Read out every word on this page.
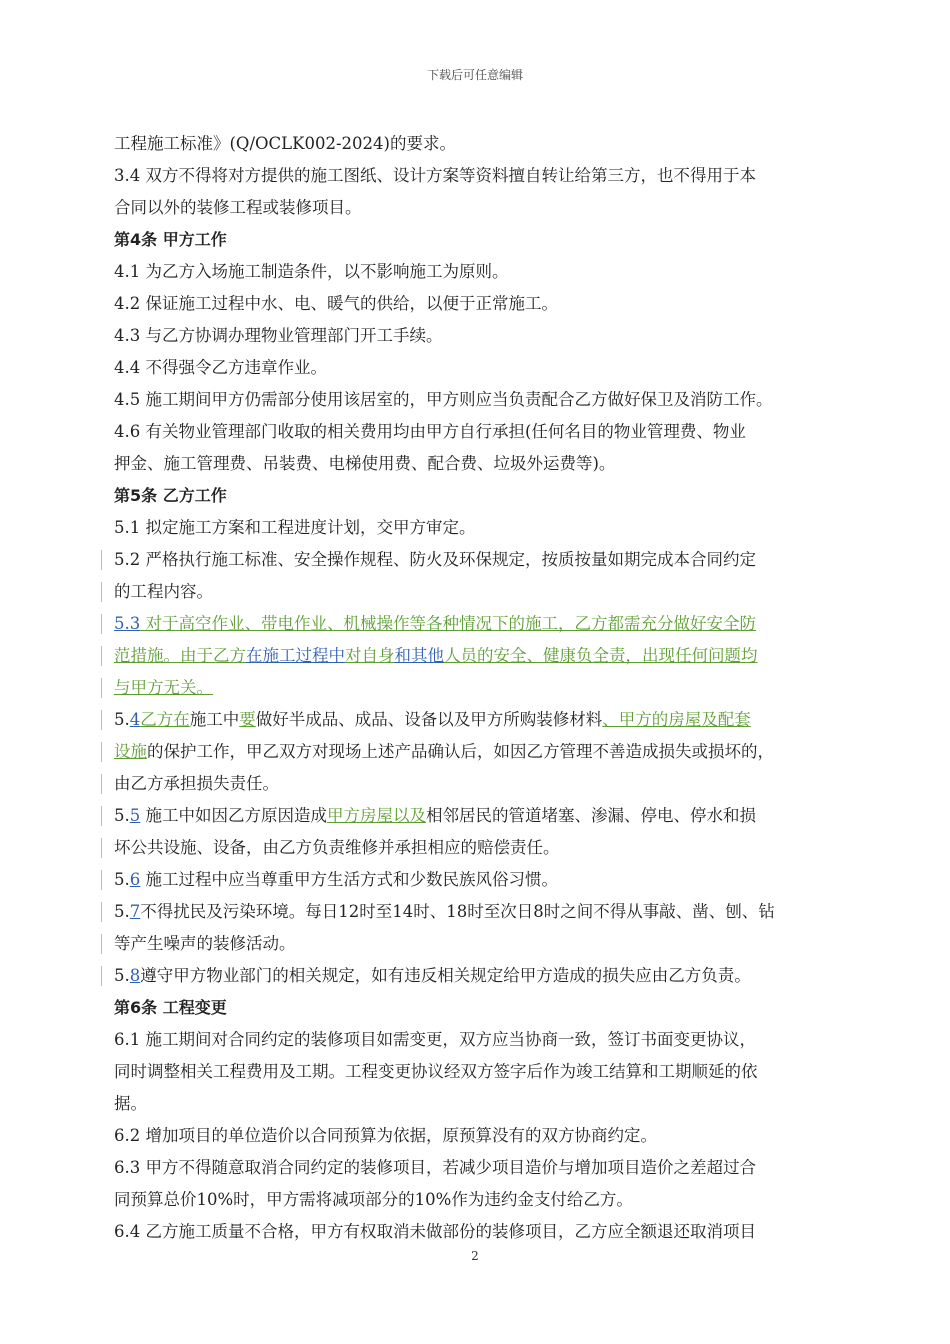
下载后可任意编辑

工程施工标准》(Q/OCLK002-2024)的要求。

3.4 双方不得将对方提供的施工图纸、设计方案等资料擅自转让给第三方，也不得用于本

合同以外的装修工程或装修项目。

第4条 甲方工作

4.1 为乙方入场施工制造条件，以不影响施工为原则。

4.2 保证施工过程中水、电、暖气的供给，以便于正常施工。

4.3 与乙方协调办理物业管理部门开工手续。

4.4 不得强令乙方违章作业。

4.5 施工期间甲方仍需部分使用该居室的，甲方则应当负责配合乙方做好保卫及消防工作。

4.6 有关物业管理部门收取的相关费用均由甲方自行承担(任何名目的物业管理费、物业

押金、施工管理费、吊装费、电梯使用费、配合费、垃圾外运费等)。

第5条 乙方工作

5.1 拟定施工方案和工程进度计划，交甲方审定。

5.2 严格执行施工标准、安全操作规程、防火及环保规定，按质按量如期完成本合同约定

的工程内容。

5.3 对于高空作业、带电作业、机械操作等各种情况下的施工，乙方都需充分做好安全防

范措施。由于乙方在施工过程中对自身和其他人员的安全、健康负全责，出现任何问题均

与甲方无关。

5.4乙方在施工中要做好半成品、成品、设备以及甲方所购装修材料、甲方的房屋及配套

设施的保护工作，甲乙双方对现场上述产品确认后，如因乙方管理不善造成损失或损坏的，

由乙方承担损失责任。

5.5 施工中如因乙方原因造成甲方房屋以及相邻居民的管道堵塞、渗漏、停电、停水和损

坏公共设施、设备，由乙方负责维修并承担相应的赔偿责任。

5.6 施工过程中应当尊重甲方生活方式和少数民族风俗习惯。

5.7不得扰民及污染环境。每日12时至14时、18时至次日8时之间不得从事敲、凿、刨、钻

等产生噪声的装修活动。

5.8遵守甲方物业部门的相关规定，如有违反相关规定给甲方造成的损失应由乙方负责。

第6条 工程变更

6.1 施工期间对合同约定的装修项目如需变更，双方应当协商一致，签订书面变更协议，

同时调整相关工程费用及工期。工程变更协议经双方签字后作为竣工结算和工期顺延的依

据。

6.2 增加项目的单位造价以合同预算为依据，原预算没有的双方协商约定。

6.3 甲方不得随意取消合同约定的装修项目，若减少项目造价与增加项目造价之差超过合

同预算总价10%时，甲方需将减项部分的10%作为违约金支付给乙方。

6.4 乙方施工质量不合格，甲方有权取消未做部份的装修项目，乙方应全额退还取消项目

2
